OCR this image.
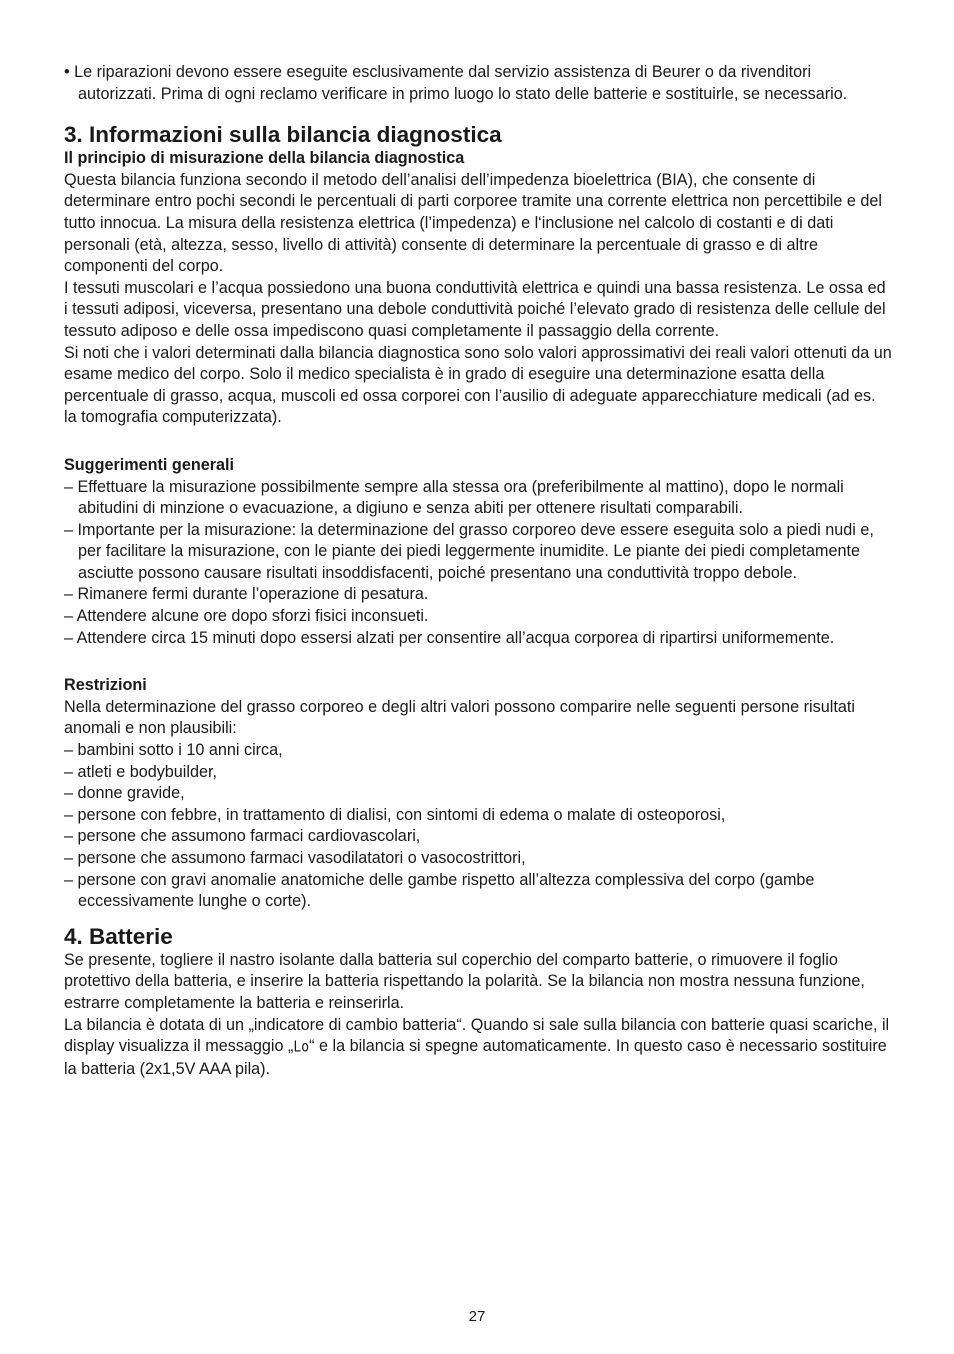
• Le riparazioni devono essere eseguite esclusivamente dal servizio assistenza di Beurer o da rivenditori autorizzati. Prima di ogni reclamo verificare in primo luogo lo stato delle batterie e sostituirle, se necessario.

3. Informazioni sulla bilancia diagnostica
Il principio di misurazione della bilancia diagnostica

Questa bilancia funziona secondo il metodo dell’analisi dell’impedenza bioelettrica (BIA), che consente di determinare entro pochi secondi le percentuali di parti corporee tramite una corrente elettrica non percettibile e del tutto innocua. La misura della resistenza elettrica (l’impedenza) e l‘inclusione nel calcolo di costanti e di dati personali (età, altezza, sesso, livello di attività) consente di determinare la percentuale di grasso e di altre componenti del corpo.

I tessuti muscolari e l’acqua possiedono una buona conduttività elettrica e quindi una bassa resistenza. Le ossa ed i tessuti adiposi, viceversa, presentano una debole conduttività poiché l’elevato grado di resistenza delle cellule del tessuto adiposo e delle ossa impediscono quasi completamente il passaggio della corrente.

Si noti che i valori determinati dalla bilancia diagnostica sono solo valori approssimativi dei reali valori ottenuti da un esame medico del corpo. Solo il medico specialista è in grado di eseguire una determinazione esatta della percentuale di grasso, acqua, muscoli ed ossa corporei con l’ausilio di adeguate apparecchiature medicali (ad es. la tomografia computerizzata).

Suggerimenti generali

– Effettuare la misurazione possibilmente sempre alla stessa ora (preferibilmente al mattino), dopo le normali abitudini di minzione o evacuazione, a digiuno e senza abiti per ottenere risultati comparabili.

– Importante per la misurazione: la determinazione del grasso corporeo deve essere eseguita solo a piedi nudi e, per facilitare la misurazione, con le piante dei piedi leggermente inumidite. Le piante dei piedi completamente asciutte possono causare risultati insoddisfacenti, poiché presentano una conduttività troppo debole.

– Rimanere fermi durante l’operazione di pesatura.

– Attendere alcune ore dopo sforzi fisici inconsueti.

– Attendere circa 15 minuti dopo essersi alzati per consentire all’acqua corporea di ripartirsi uniformemente.

Restrizioni

Nella determinazione del grasso corporeo e degli altri valori possono comparire nelle seguenti persone risultati anomali e non plausibili:

– bambini sotto i 10 anni circa,

– atleti e bodybuilder,

– donne gravide,

– persone con febbre, in trattamento di dialisi, con sintomi di edema o malate di osteoporosi,

– persone che assumono farmaci cardiovascolari,

– persone che assumono farmaci vasodilatatori o vasocostrittori,

– persone con gravi anomalie anatomiche delle gambe rispetto all’altezza complessiva del corpo (gambe eccessivamente lunghe o corte).

4. Batterie

Se presente, togliere il nastro isolante dalla batteria sul coperchio del comparto batterie, o rimuovere il foglio protettivo della batteria, e inserire la batteria rispettando la polarità. Se la bilancia non mostra nessuna funzione, estrarre completamente la batteria e reinserirla.

La bilancia è dotata di un „indicatore di cambio batteria“. Quando si sale sulla bilancia con batterie quasi scariche, il display visualizza il messaggio „Lo“ e la bilancia si spegne automaticamente. In questo caso è necessario sostituire la batteria (2x1,5V AAA pila).

27
